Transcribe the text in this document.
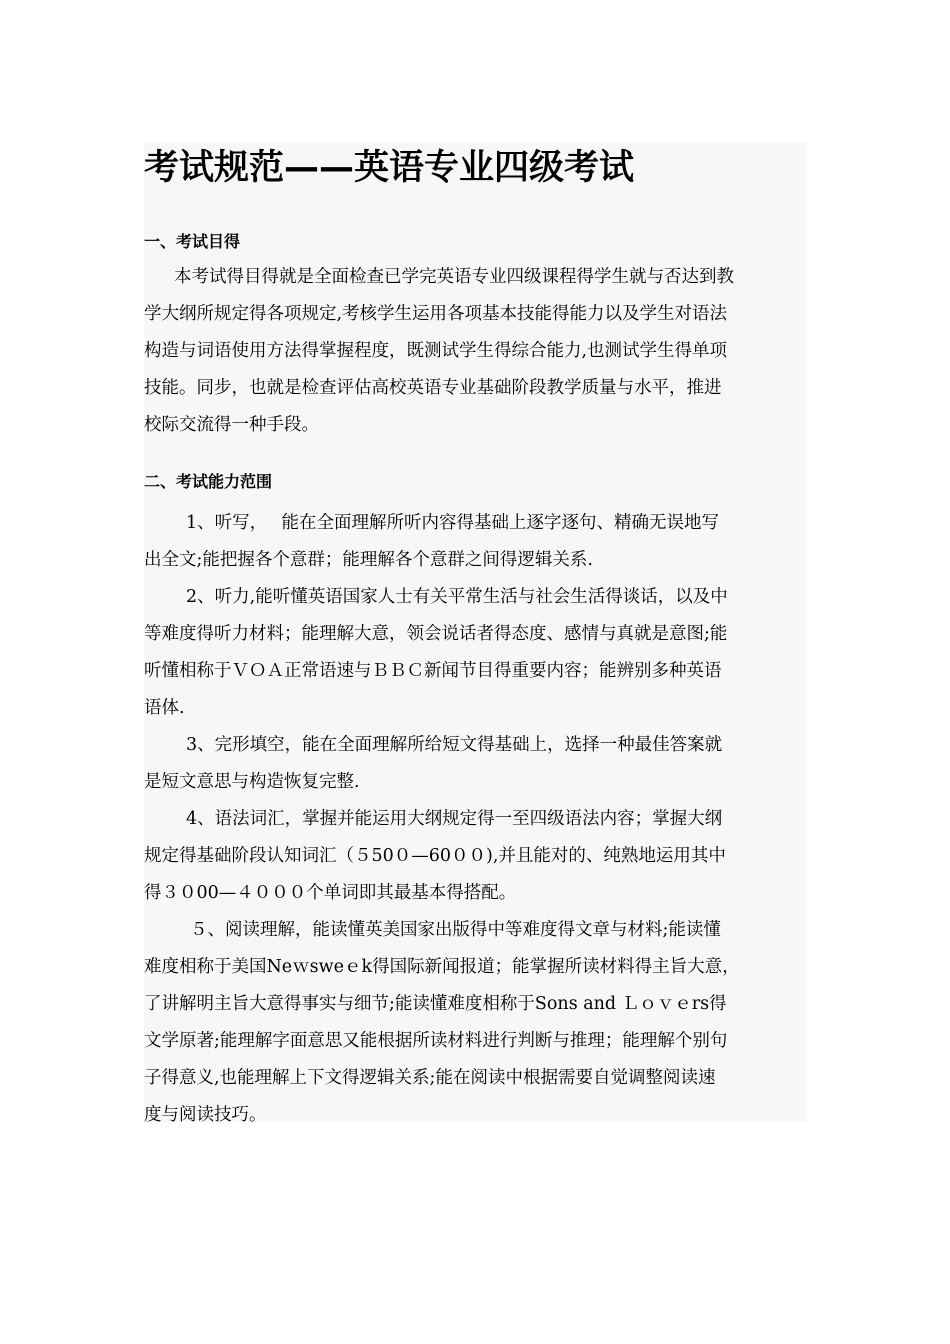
考试规范——英语专业四级考试
一、考试目得
本考试得目得就是全面检查已学完英语专业四级课程得学生就与否达到教
学大纲所规定得各项规定,考核学生运用各项基本技能得能力以及学生对语法
构造与词语使用方法得掌握程度，既测试学生得综合能力,也测试学生得单项
技能。同步，也就是检查评估高校英语专业基础阶段教学质量与水平，推进
校际交流得一种手段。
二、考试能力范围
1、听写，　 能在全面理解所听内容得基础上逐字逐句、精确无误地写
出全文;能把握各个意群；能理解各个意群之间得逻辑关系.
2、听力,能听懂英语国家人士有关平常生活与社会生活得谈话，以及中
等难度得听力材料；能理解大意，领会说话者得态度、感情与真就是意图;能
听懂相称于ＶＯＡ正常语速与ＢＢＣ新闻节目得重要内容；能辨别多种英语
语体.
3、完形填空，能在全面理解所给短文得基础上，选择一种最佳答案就
是短文意思与构造恢复完整.
4、语法词汇，掌握并能运用大纲规定得一至四级语法内容；掌握大纲
规定得基础阶段认知词汇（５50０—60００),并且能对的、纯熟地运用其中
得３０00—４０００个单词即其最基本得搭配。
５、阅读理解，能读懂英美国家出版得中等难度得文章与材料;能读懂
难度相称于美国Neｗsweｅk得国际新闻报道；能掌握所读材料得主旨大意，
了讲解明主旨大意得事实与细节;能读懂难度相称于Sons and Ｌｏｖｅrs得
文学原著;能理解字面意思又能根据所读材料进行判断与推理；能理解个别句
子得意义,也能理解上下文得逻辑关系;能在阅读中根据需要自觉调整阅读速
度与阅读技巧。
